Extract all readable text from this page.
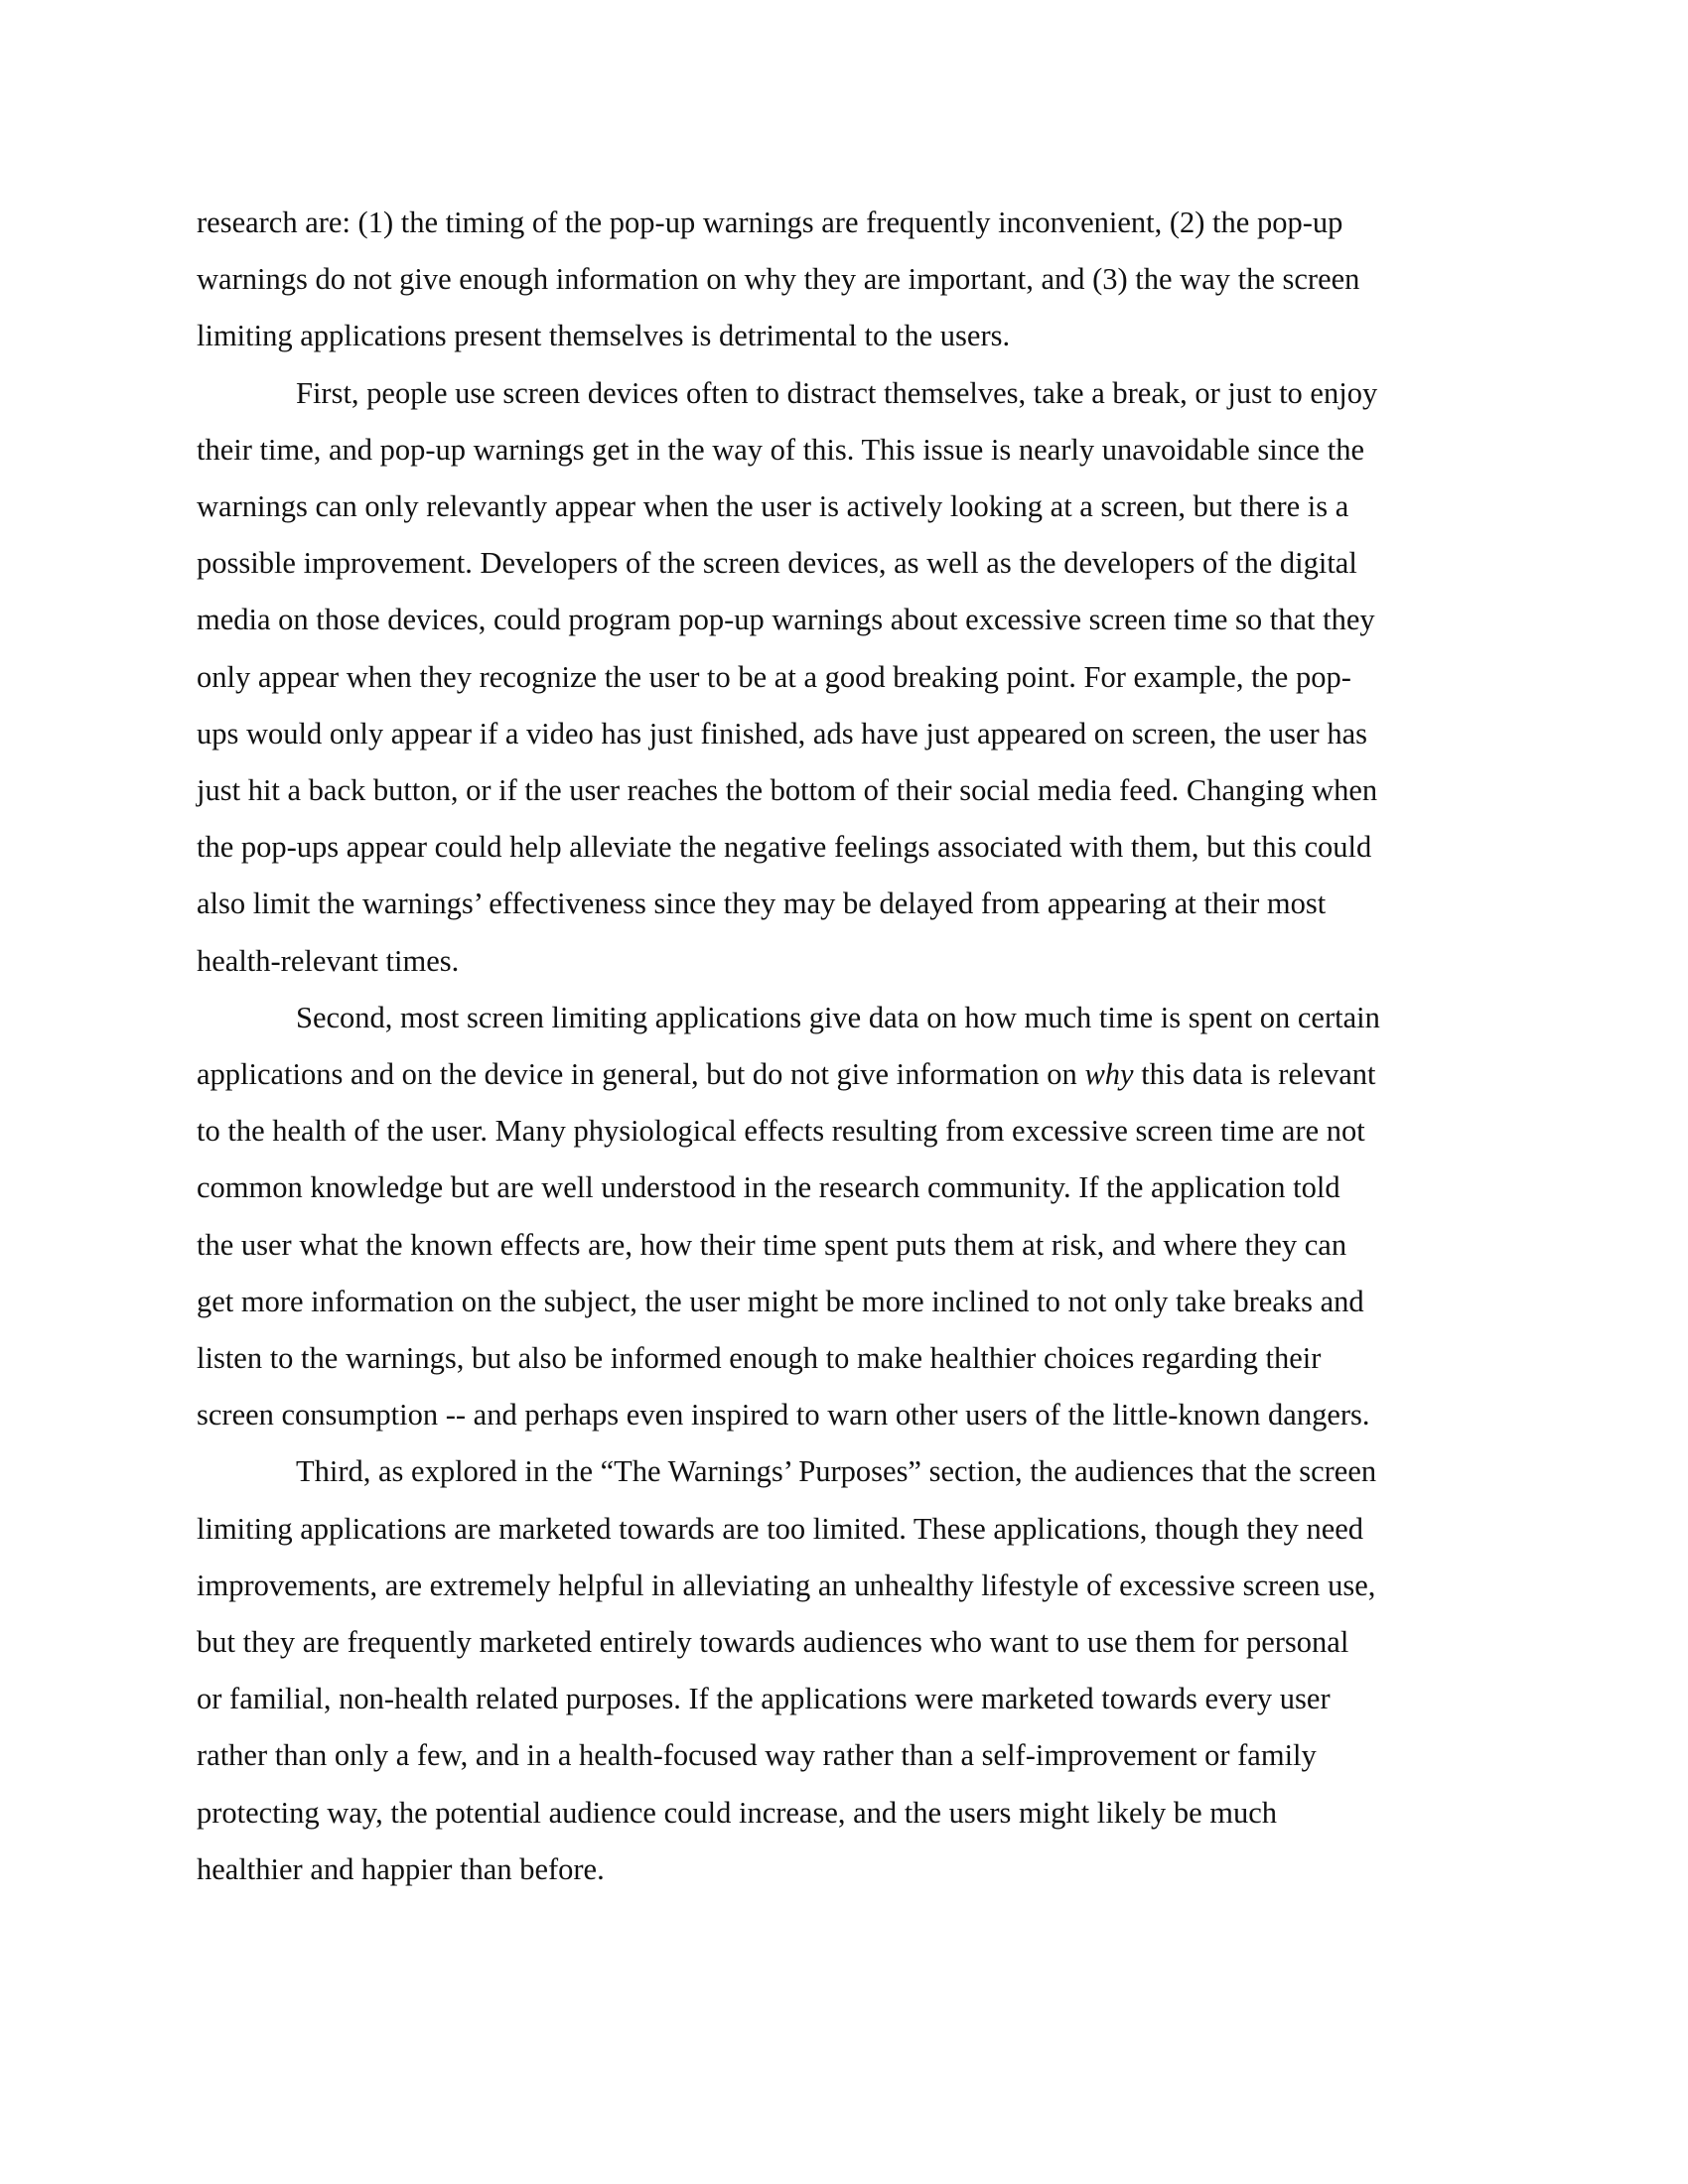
research are: (1) the timing of the pop-up warnings are frequently inconvenient, (2) the pop-up
warnings do not give enough information on why they are important, and (3) the way the screen
limiting applications present themselves is detrimental to the users.

First, people use screen devices often to distract themselves, take a break, or just to enjoy
their time, and pop-up warnings get in the way of this. This issue is nearly unavoidable since the
warnings can only relevantly appear when the user is actively looking at a screen, but there is a
possible improvement. Developers of the screen devices, as well as the developers of the digital
media on those devices, could program pop-up warnings about excessive screen time so that they
only appear when they recognize the user to be at a good breaking point. For example, the pop-
ups would only appear if a video has just finished, ads have just appeared on screen, the user has
just hit a back button, or if the user reaches the bottom of their social media feed. Changing when
the pop-ups appear could help alleviate the negative feelings associated with them, but this could
also limit the warnings’ effectiveness since they may be delayed from appearing at their most
health-relevant times.

Second, most screen limiting applications give data on how much time is spent on certain
applications and on the device in general, but do not give information on why this data is relevant
to the health of the user. Many physiological effects resulting from excessive screen time are not
common knowledge but are well understood in the research community. If the application told
the user what the known effects are, how their time spent puts them at risk, and where they can
get more information on the subject, the user might be more inclined to not only take breaks and
listen to the warnings, but also be informed enough to make healthier choices regarding their
screen consumption -- and perhaps even inspired to warn other users of the little-known dangers.

Third, as explored in the “The Warnings’ Purposes” section, the audiences that the screen
limiting applications are marketed towards are too limited. These applications, though they need
improvements, are extremely helpful in alleviating an unhealthy lifestyle of excessive screen use,
but they are frequently marketed entirely towards audiences who want to use them for personal
or familial, non-health related purposes. If the applications were marketed towards every user
rather than only a few, and in a health-focused way rather than a self-improvement or family
protecting way, the potential audience could increase, and the users might likely be much
healthier and happier than before.
